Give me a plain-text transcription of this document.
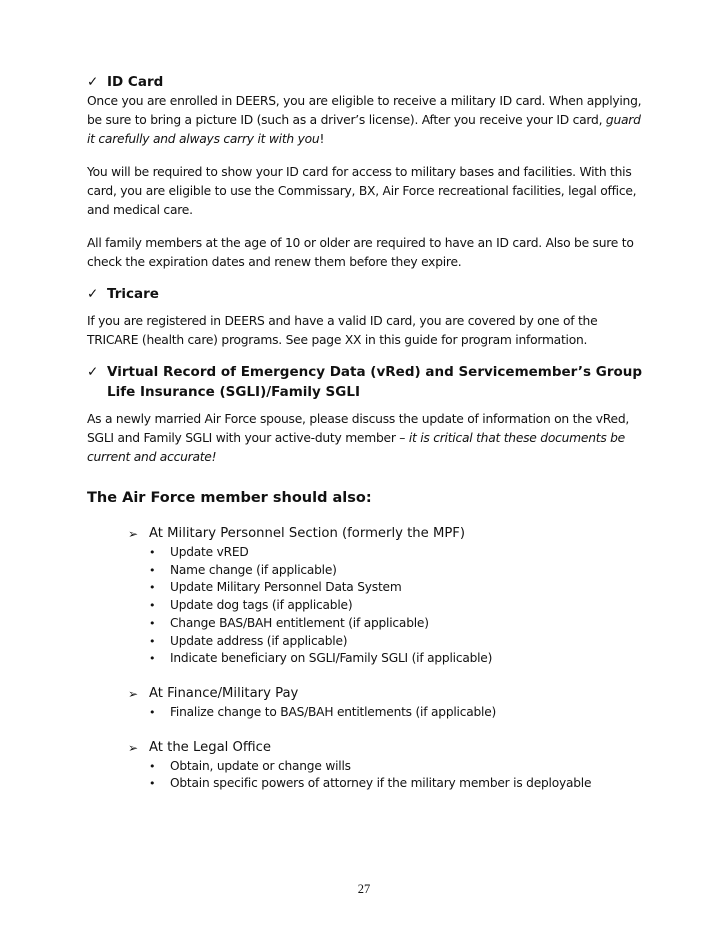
✓ ID Card

Once you are enrolled in DEERS, you are eligible to receive a military ID card. When applying, be sure to bring a picture ID (such as a driver’s license). After you receive your ID card, guard it carefully and always carry it with you!

You will be required to show your ID card for access to military bases and facilities. With this card, you are eligible to use the Commissary, BX, Air Force recreational facilities, legal office, and medical care.

All family members at the age of 10 or older are required to have an ID card. Also be sure to check the expiration dates and renew them before they expire.

✓ Tricare

If you are registered in DEERS and have a valid ID card, you are covered by one of the TRICARE (health care) programs. See page XX in this guide for program information.

✓ Virtual Record of Emergency Data (vRed) and Servicemember’s Group Life Insurance (SGLI)/Family SGLI

As a newly married Air Force spouse, please discuss the update of information on the vRed, SGLI and Family SGLI with your active-duty member – it is critical that these documents be current and accurate!

The Air Force member should also:
➢ At Military Personnel Section (formerly the MPF)
•	Update vRED
•	Name change (if applicable)
•	Update Military Personnel Data System
•	Update dog tags (if applicable)
•	Change BAS/BAH entitlement (if applicable)
•	Update address (if applicable)
•	Indicate beneficiary on SGLI/Family SGLI (if applicable)
➢ At Finance/Military Pay
•	Finalize change to BAS/BAH entitlements (if applicable)
➢ At the Legal Office
•	Obtain, update or change wills
•	Obtain specific powers of attorney if the military member is deployable
27
